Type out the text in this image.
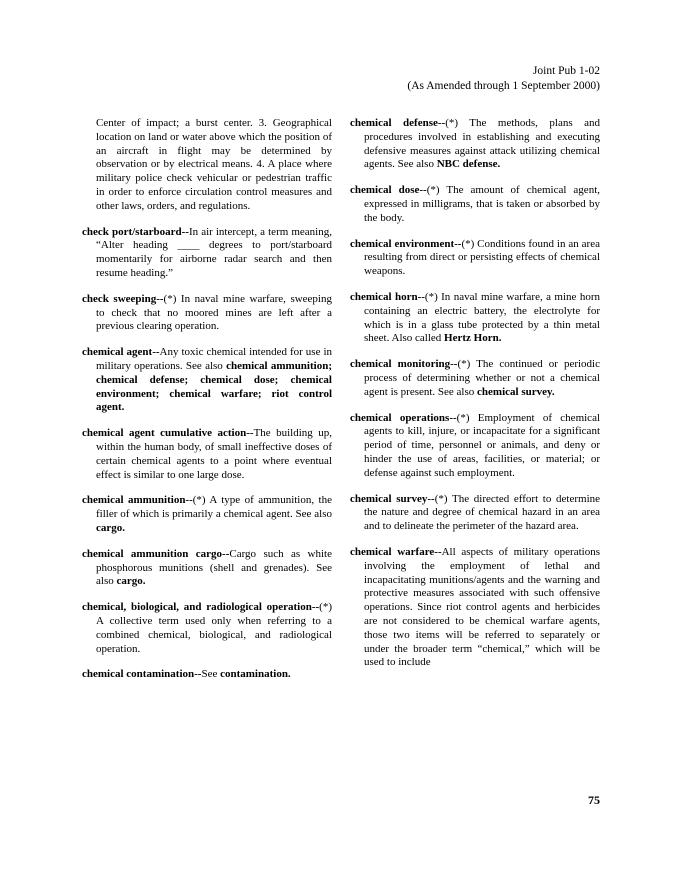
Joint Pub 1-02
(As Amended through 1 September 2000)

Center of impact; a burst center. 3. Geographical location on land or water above which the position of an aircraft in flight may be determined by observation or by electrical means. 4. A place where military police check vehicular or pedestrian traffic in order to enforce circulation control measures and other laws, orders, and regulations.

check port/starboard--In air intercept, a term meaning, “Alter heading ____ degrees to port/starboard momentarily for airborne radar search and then resume heading.”

check sweeping--(*) In naval mine warfare, sweeping to check that no moored mines are left after a previous clearing operation.

chemical agent--Any toxic chemical intended for use in military operations. See also chemical ammunition; chemical defense; chemical dose; chemical environment; chemical warfare; riot control agent.

chemical agent cumulative action--The building up, within the human body, of small ineffective doses of certain chemical agents to a point where eventual effect is similar to one large dose.

chemical ammunition--(*) A type of ammunition, the filler of which is primarily a chemical agent. See also cargo.

chemical ammunition cargo--Cargo such as white phosphorous munitions (shell and grenades). See also cargo.

chemical, biological, and radiological operation--(*) A collective term used only when referring to a combined chemical, biological, and radiological operation.

chemical contamination--See contamination.

chemical defense--(*) The methods, plans and procedures involved in establishing and executing defensive measures against attack utilizing chemical agents. See also NBC defense.

chemical dose--(*) The amount of chemical agent, expressed in milligrams, that is taken or absorbed by the body.

chemical environment--(*) Conditions found in an area resulting from direct or persisting effects of chemical weapons.

chemical horn--(*) In naval mine warfare, a mine horn containing an electric battery, the electrolyte for which is in a glass tube protected by a thin metal sheet. Also called Hertz Horn.

chemical monitoring--(*) The continued or periodic process of determining whether or not a chemical agent is present. See also chemical survey.

chemical operations--(*) Employment of chemical agents to kill, injure, or incapacitate for a significant period of time, personnel or animals, and deny or hinder the use of areas, facilities, or material; or defense against such employment.

chemical survey--(*) The directed effort to determine the nature and degree of chemical hazard in an area and to delineate the perimeter of the hazard area.

chemical warfare--All aspects of military operations involving the employment of lethal and incapacitating munitions/agents and the warning and protective measures associated with such offensive operations. Since riot control agents and herbicides are not considered to be chemical warfare agents, those two items will be referred to separately or under the broader term “chemical,” which will be used to include

75
